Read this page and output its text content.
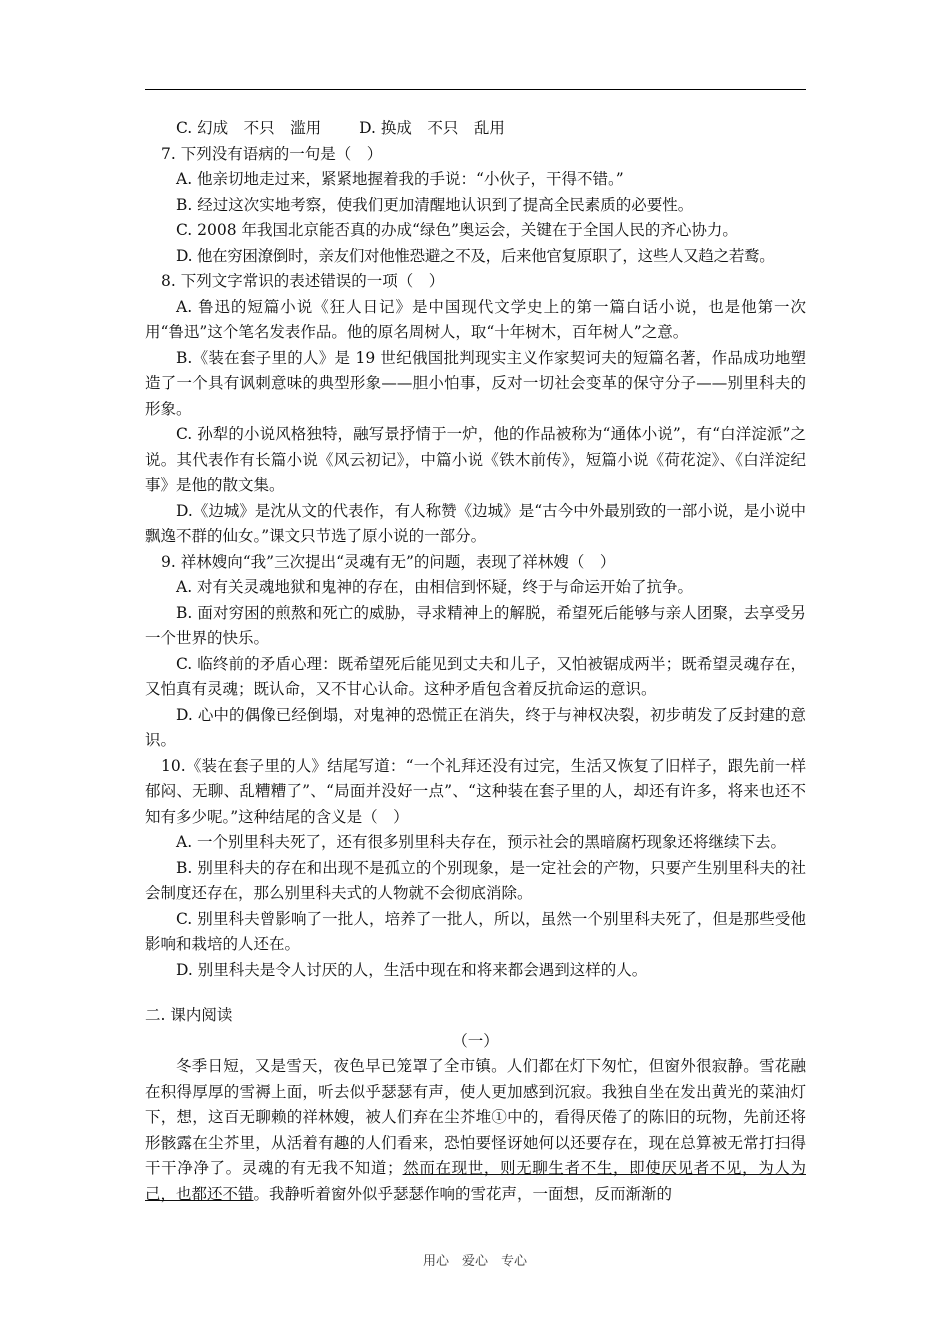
C. 幻成　不只　滥用 D. 换成　不只　乱用

7. 下列没有语病的一句是（　）

A. 他亲切地走过来，紧紧地握着我的手说：“小伙子，干得不错。”

B. 经过这次实地考察，使我们更加清醒地认识到了提高全民素质的必要性。

C. 2008 年我国北京能否真的办成“绿色”奥运会，关键在于全国人民的齐心协力。

D. 他在穷困潦倒时，亲友们对他惟恐避之不及，后来他官复原职了，这些人又趋之若鹜。

8. 下列文字常识的表述错误的一项（　）

A. 鲁迅的短篇小说《狂人日记》是中国现代文学史上的第一篇白话小说，也是他第一次用“鲁迅”这个笔名发表作品。他的原名周树人，取“十年树木，百年树人”之意。

B.《装在套子里的人》是 19 世纪俄国批判现实主义作家契诃夫的短篇名著，作品成功地塑造了一个具有讽刺意味的典型形象——胆小怕事，反对一切社会变革的保守分子——别里科夫的形象。

C. 孙犁的小说风格独特，融写景抒情于一炉，他的作品被称为“通体小说”，有“白洋淀派”之说。其代表作有长篇小说《风云初记》，中篇小说《铁木前传》，短篇小说《荷花淀》、《白洋淀纪事》是他的散文集。

D.《边城》是沈从文的代表作，有人称赞《边城》是“古今中外最别致的一部小说，是小说中飘逸不群的仙女。”课文只节选了原小说的一部分。

9. 祥林嫂向“我”三次提出“灵魂有无”的问题，表现了祥林嫂（　）

A. 对有关灵魂地狱和鬼神的存在，由相信到怀疑，终于与命运开始了抗争。

B. 面对穷困的煎熬和死亡的威胁，寻求精神上的解脱，希望死后能够与亲人团聚，去享受另一个世界的快乐。

C. 临终前的矛盾心理：既希望死后能见到丈夫和儿子，又怕被锯成两半；既希望灵魂存在，又怕真有灵魂；既认命，又不甘心认命。这种矛盾包含着反抗命运的意识。

D. 心中的偶像已经倒塌，对鬼神的恐慌正在消失，终于与神权决裂，初步萌发了反封建的意识。

10.《装在套子里的人》结尾写道：“一个礼拜还没有过完，生活又恢复了旧样子，跟先前一样郁闷、无聊、乱糟糟了”、“局面并没好一点”、“这种装在套子里的人，却还有许多，将来也还不知有多少呢。”这种结尾的含义是（　）

A. 一个别里科夫死了，还有很多别里科夫存在，预示社会的黑暗腐朽现象还将继续下去。

B. 别里科夫的存在和出现不是孤立的个别现象，是一定社会的产物，只要产生别里科夫的社会制度还存在，那么别里科夫式的人物就不会彻底消除。

C. 别里科夫曾影响了一批人，培养了一批人，所以，虽然一个别里科夫死了，但是那些受他影响和栽培的人还在。

D. 别里科夫是令人讨厌的人，生活中现在和将来都会遇到这样的人。

二. 课内阅读

（一）

冬季日短，又是雪天，夜色早已笼罩了全市镇。人们都在灯下匆忙，但窗外很寂静。雪花融在积得厚厚的雪褥上面，听去似乎瑟瑟有声，使人更加感到沉寂。我独自坐在发出黄光的菜油灯下，想，这百无聊赖的祥林嫂，被人们弃在尘芥堆①中的，看得厌倦了的陈旧的玩物，先前还将形骸露在尘芥里，从活着有趣的人们看来，恐怕要怪讶她何以还要存在，现在总算被无常打扫得干干净净了。灵魂的有无我不知道；然而在现世，则无聊生者不生，即使厌见者不见，为人为己，也都还不错。我静听着窗外似乎瑟瑟作响的雪花声，一面想，反而渐渐的

用心　爱心　专心
